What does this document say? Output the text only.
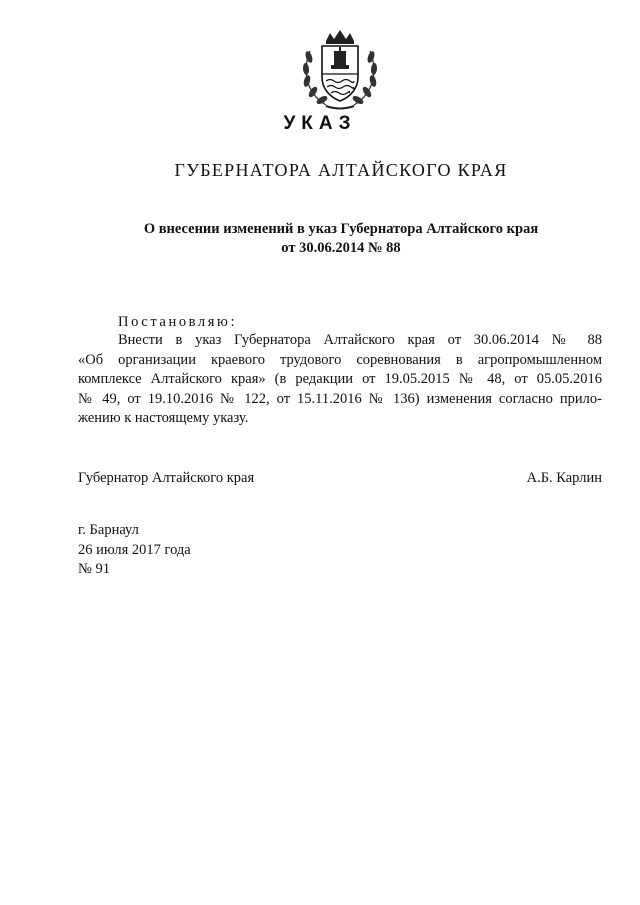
УКАЗ
ГУБЕРНАТОРА АЛТАЙСКОГО КРАЯ
О внесении изменений в указ Губернатора Алтайского края
от 30.06.2014 № 88
Постановляю:
Внести в указ Губернатора Алтайского края от 30.06.2014 № 88
«Об организации краевого трудового соревнования в агропромышленном
комплексе Алтайского края» (в редакции от 19.05.2015 № 48, от 05.05.2016
№ 49, от 19.10.2016 № 122, от 15.11.2016 № 136) изменения согласно прило-
жению к настоящему указу.
Губернатор Алтайского края	А.Б. Карлин
г. Барнаул
26 июля 2017 года
№ 91
